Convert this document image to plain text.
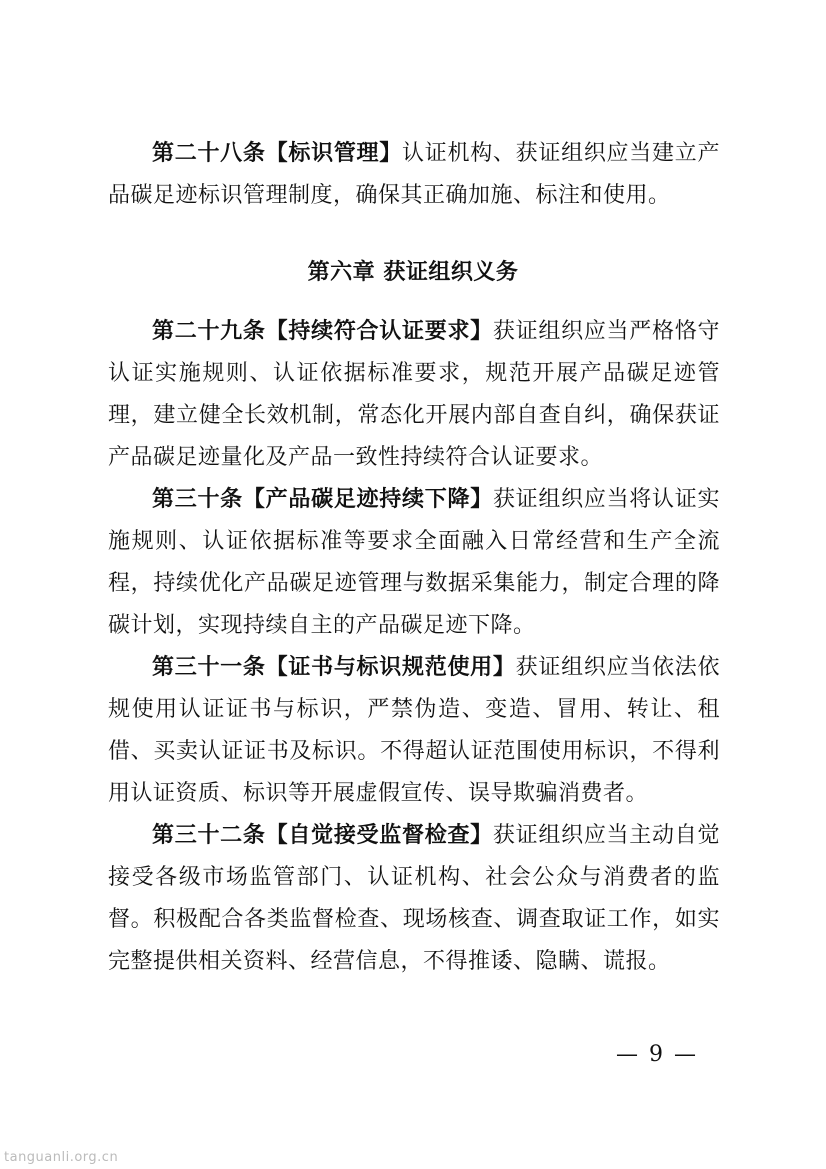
第二十八条【标识管理】认证机构、获证组织应当建立产品碳足迹标识管理制度，确保其正确加施、标注和使用。

第六章 获证组织义务

第二十九条【持续符合认证要求】获证组织应当严格恪守认证实施规则、认证依据标准要求，规范开展产品碳足迹管理，建立健全长效机制，常态化开展内部自查自纠，确保获证产品碳足迹量化及产品一致性持续符合认证要求。

第三十条【产品碳足迹持续下降】获证组织应当将认证实施规则、认证依据标准等要求全面融入日常经营和生产全流程，持续优化产品碳足迹管理与数据采集能力，制定合理的降碳计划，实现持续自主的产品碳足迹下降。

第三十一条【证书与标识规范使用】获证组织应当依法依规使用认证证书与标识，严禁伪造、变造、冒用、转让、租借、买卖认证证书及标识。不得超认证范围使用标识，不得利用认证资质、标识等开展虚假宣传、误导欺骗消费者。

第三十二条【自觉接受监督检查】获证组织应当主动自觉接受各级市场监管部门、认证机构、社会公众与消费者的监督。积极配合各类监督检查、现场核查、调查取证工作，如实完整提供相关资料、经营信息，不得推诿、隐瞒、谎报。

— 9 —
tanguanli.org.cn
